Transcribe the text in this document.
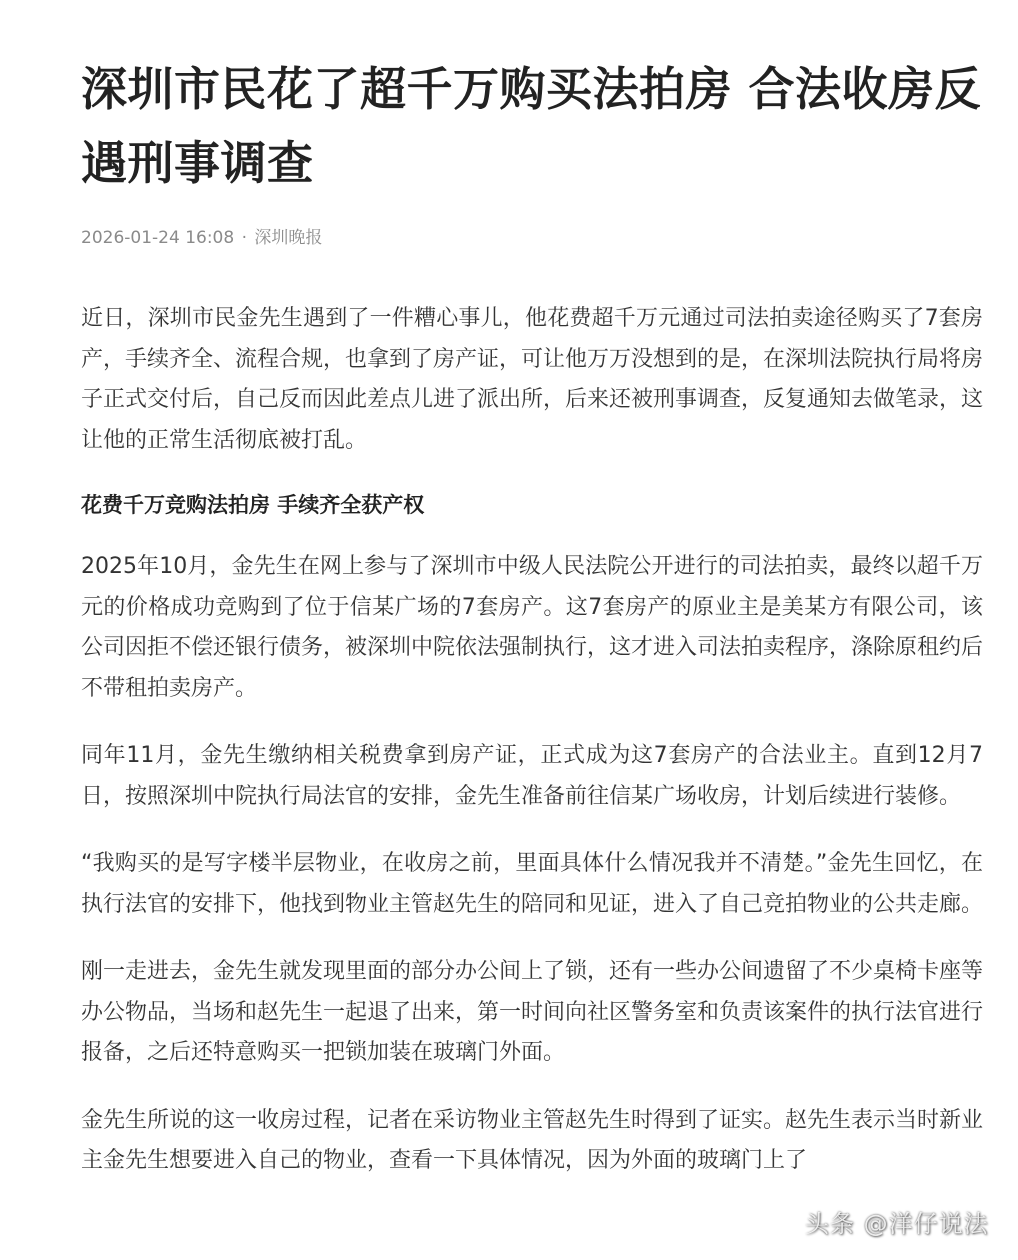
深圳市民花了超千万购买法拍房 合法收房反遇刑事调查
2026-01-24 16:08 · 深圳晚报

近日，深圳市民金先生遇到了一件糟心事儿，他花费超千万元通过司法拍卖途径购买了7套房产，手续齐全、流程合规，也拿到了房产证，可让他万万没想到的是，在深圳法院执行局将房子正式交付后，自己反而因此差点儿进了派出所，后来还被刑事调查，反复通知去做笔录，这让他的正常生活彻底被打乱。

花费千万竞购法拍房 手续齐全获产权

2025年10月，金先生在网上参与了深圳市中级人民法院公开进行的司法拍卖，最终以超千万元的价格成功竞购到了位于信某广场的7套房产。这7套房产的原业主是美某方有限公司，该公司因拒不偿还银行债务，被深圳中院依法强制执行，这才进入司法拍卖程序，涤除原租约后不带租拍卖房产。

同年11月，金先生缴纳相关税费拿到房产证，正式成为这7套房产的合法业主。直到12月7日，按照深圳中院执行局法官的安排，金先生准备前往信某广场收房，计划后续进行装修。

“我购买的是写字楼半层物业，在收房之前，里面具体什么情况我并不清楚。”金先生回忆，在执行法官的安排下，他找到物业主管赵先生的陪同和见证，进入了自己竞拍物业的公共走廊。

刚一走进去，金先生就发现里面的部分办公间上了锁，还有一些办公间遗留了不少桌椅卡座等办公物品，当场和赵先生一起退了出来，第一时间向社区警务室和负责该案件的执行法官进行报备，之后还特意购买一把锁加装在玻璃门外面。

金先生所说的这一收房过程，记者在采访物业主管赵先生时得到了证实。赵先生表示当时新业主金先生想要进入自己的物业，查看一下具体情况，因为外面的玻璃门上了

头条 @洋仔说法
